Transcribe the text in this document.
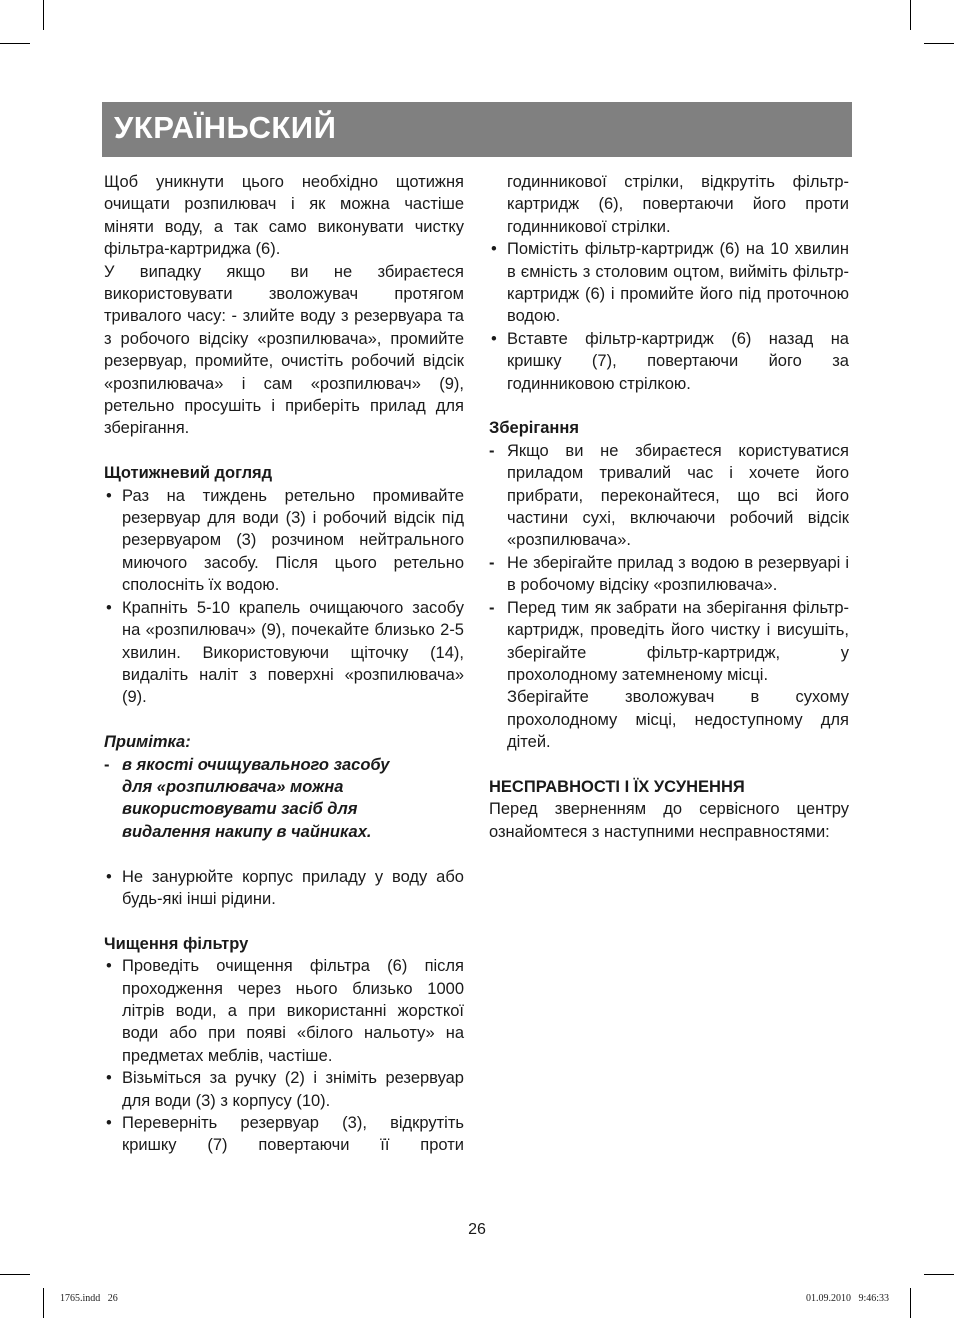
УКРАЇНЬСКИЙ

Щоб уникнути цього необхідно щотижня очищати розпилювач і як можна частіше міняти воду, а так само виконувати чистку фільтра-картриджа (6).

У випадку якщо ви не збираєтеся використовувати зволожувач протягом тривалого часу: - злийте воду з резервуара та з робочого відсіку «розпилювача», промийте резервуар, промийте, очистіть робочий відсік «розпилювача» і сам «розпилювач» (9), ретельно просушіть і приберіть прилад для зберігання.

Щотижневий догляд

• Раз на тиждень ретельно промивайте резервуар для води (3) і робочий відсік під резервуаром (3) розчином нейтрального миючого засобу. Після цього ретельно сполосніть їх водою.
• Крапніть 5-10 крапель очищаючого засобу на «розпилювач» (9), почекайте близько 2-5 хвилин. Використовуючи щіточку (14), видаліть наліт з поверхні «розпилювача» (9).

Примітка:

- в якості очищувального засобу
для «розпилювача» можна
використовувати засіб для
видалення накипу в чайниках.
• Не занурюйте корпус приладу у воду або будь-які інші рідини.

Чищення фільтру

• Проведіть очищення фільтра (6) після проходження через нього близько 1000 літрів води, а при використанні жорсткої води або при появі «білого нальоту» на предметах меблів, частіше.
• Візьміться за ручку (2) і зніміть резервуар для води (3) з корпусу (10).
• Переверніть резервуар (3), відкрутіть кришку (7) повертаючи її проти

годинникової стрілки, відкрутіть фільтр-картридж (6), повертаючи його проти годинникової стрілки.

• Помістіть фільтр-картридж (6) на 10 хвилин в ємність з столовим оцтом, вийміть фільтр-картридж (6) і промийте його під проточною водою.
• Вставте фільтр-картридж (6) назад на кришку (7), повертаючи його за годинниковою стрілкою.

Зберігання

- Якщо ви не збираєтеся користуватися приладом тривалий час і хочете його прибрати, переконайтеся, що всі його частини сухі, включаючи робочий відсік «розпилювача».
- Не зберігайте прилад з водою в резервуарі і в робочому відсіку «розпилювача».
- Перед тим як забрати на зберігання фільтр-картридж, проведіть його чистку і висушіть, зберігайте фільтр-картридж, у прохолодному затемненому місці.

Зберігайте зволожувач в сухому прохолодному місці, недоступному для дітей.

НЕСПРАВНОСТІ І ЇХ УСУНЕННЯ

Перед зверненням до сервісного центру ознайомтеся з наступними несправностями:

26
1765.indd   26	01.09.2010   9:46:33
